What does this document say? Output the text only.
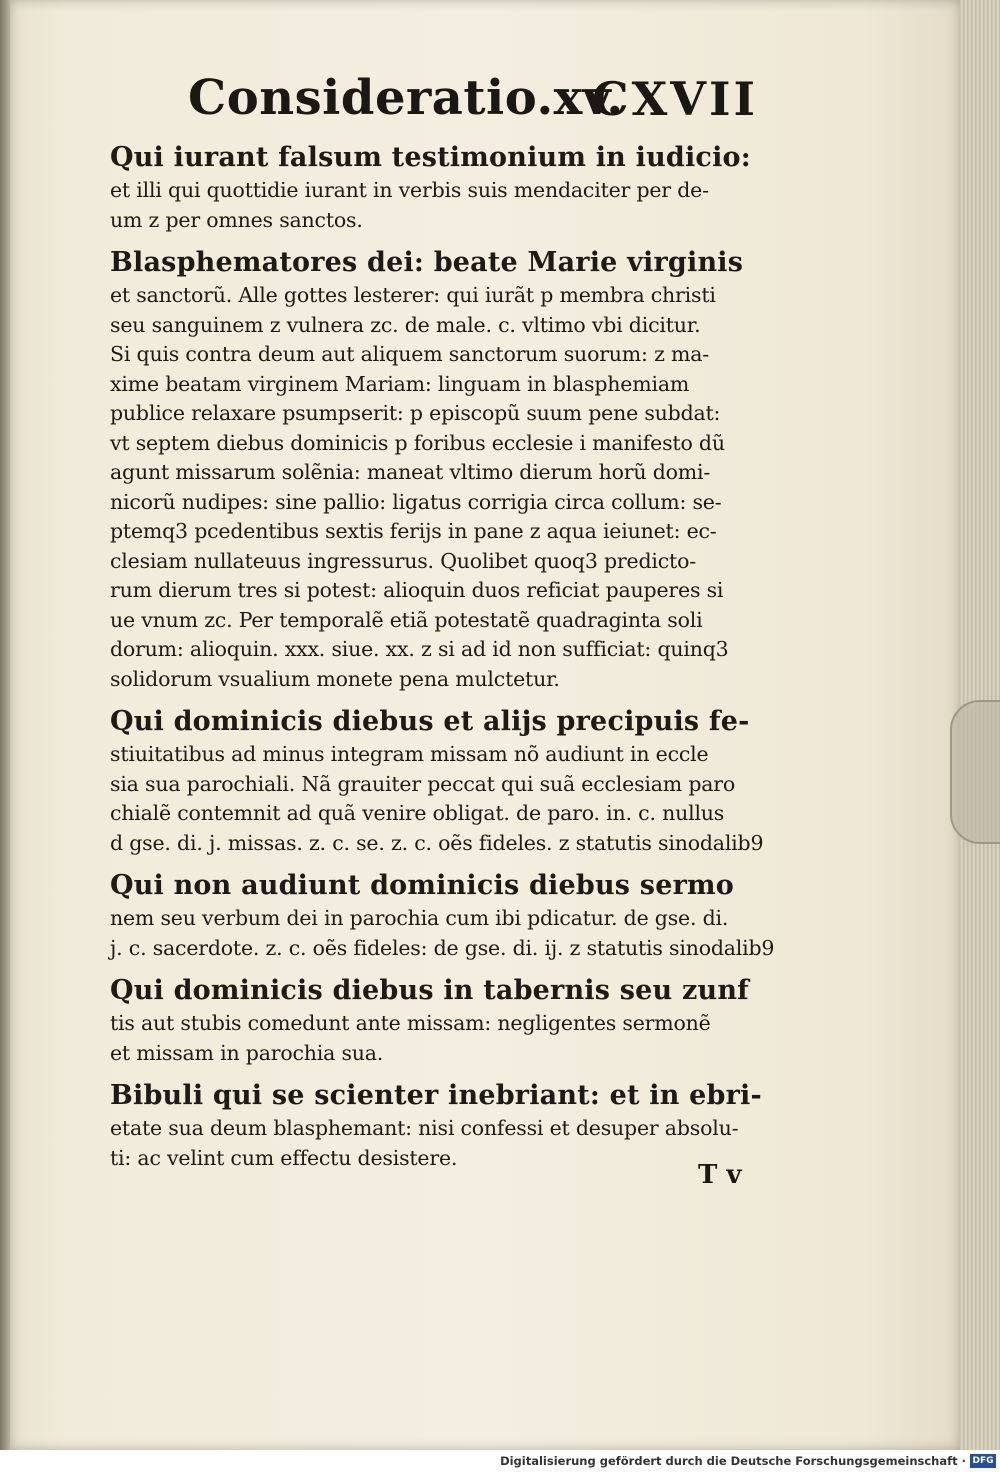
Consideratio.xv.
CXVII
Qui iurant falsum testimonium in iudicio:
et illi qui quottidie iurant in verbis suis mendaciter per de-
um z per omnes sanctos.
Blasphematores dei: beate Marie virginis
et sanctorũ. Alle gottes lesterer: qui iurãt p membra christi
seu sanguinem z vulnera zc. de male. c. vltimo vbi dicitur.
Si quis contra deum aut aliquem sanctorum suorum: z ma-
xime beatam virginem Mariam: linguam in blasphemiam
publice relaxare psumpserit: p episcopũ suum pene subdat:
vt septem diebus dominicis p foribus ecclesie i manifesto dũ
agunt missarum solẽnia: maneat vltimo dierum horũ domi-
nicorũ nudipes: sine pallio: ligatus corrigia circa collum: se-
ptemq3 pcedentibus sextis ferijs in pane z aqua ieiunet: ec-
clesiam nullateuus ingressurus. Quolibet quoq3 predicto-
rum dierum tres si potest: alioquin duos reficiat pauperes si
ue vnum zc. Per temporalẽ etiã potestatẽ quadraginta soli
dorum: alioquin. xxx. siue. xx. z si ad id non sufficiat: quinq3
solidorum vsualium monete pena mulctetur.
Qui dominicis diebus et alijs precipuis fe-
stiuitatibus ad minus integram missam nõ audiunt in eccle
sia sua parochiali. Nã grauiter peccat qui suã ecclesiam paro
chialẽ contemnit ad quã venire obligat. de paro. in. c. nullus
d gse. di. j. missas. z. c. se. z. c. oẽs fideles. z statutis sinodalib9
Qui non audiunt dominicis diebus sermo
nem seu verbum dei in parochia cum ibi pdicatur. de gse. di.
j. c. sacerdote. z. c. oẽs fideles: de gse. di. ij. z statutis sinodalib9
Qui dominicis diebus in tabernis seu zunf
tis aut stubis comedunt ante missam: negligentes sermonẽ
et missam in parochia sua.
Bibuli qui se scienter inebriant: et in ebri-
etate sua deum blasphemant: nisi confessi et desuper absolu-
ti: ac velint cum effectu desistere.
T v
Digitalisierung gefördert durch die Deutsche Forschungsgemeinschaft · DFG
